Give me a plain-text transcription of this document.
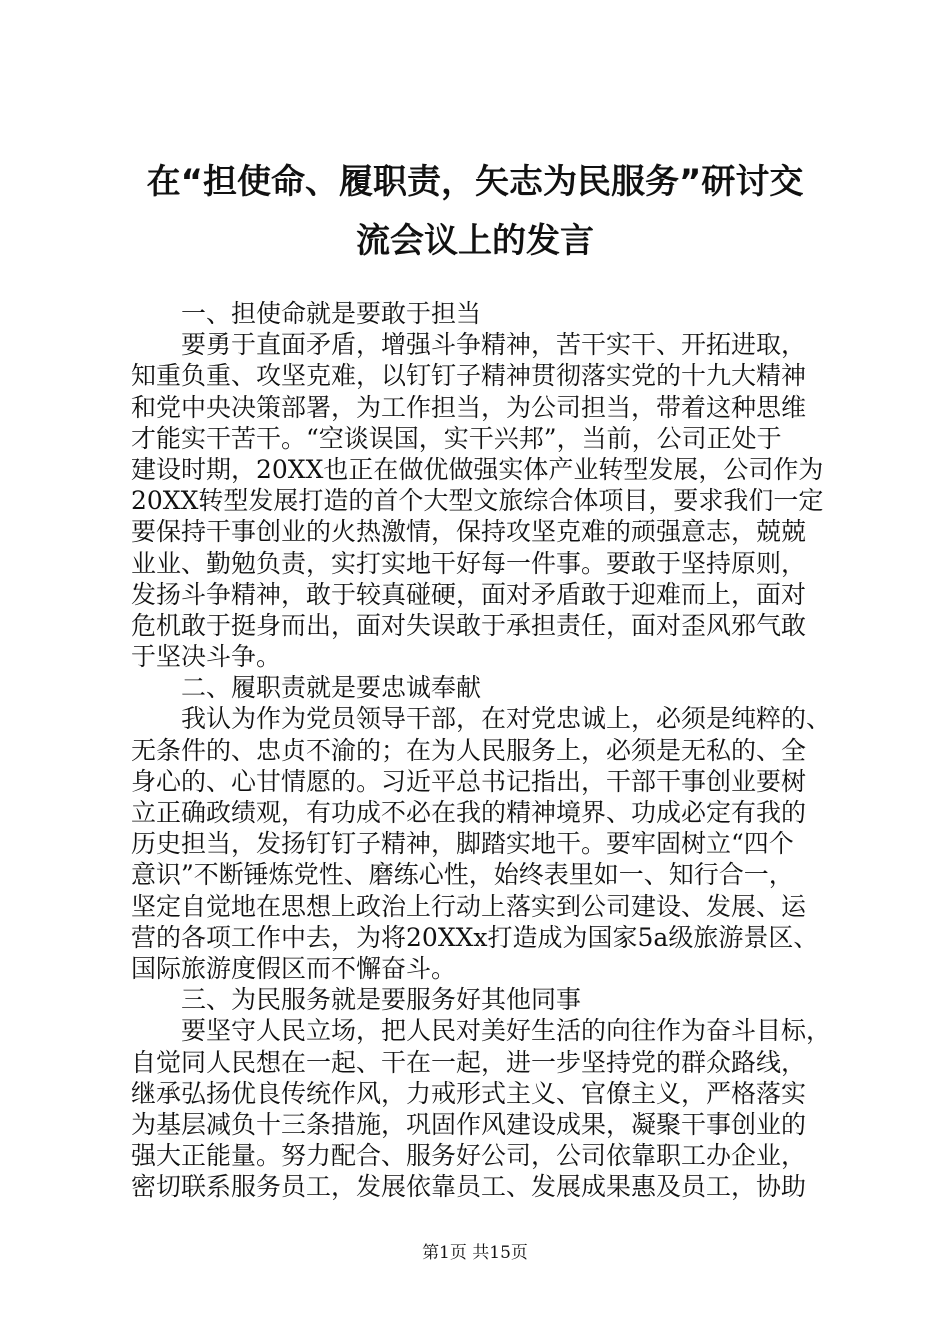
在“担使命、履职责，矢志为民服务”研讨交
流会议上的发言

　　一、担使命就是要敢于担当

　　要勇于直面矛盾，增强斗争精神，苦干实干、开拓进取，

知重负重、攻坚克难，以钉钉子精神贯彻落实党的十九大精神

和党中央决策部署，为工作担当，为公司担当，带着这种思维

才能实干苦干。“空谈误国，实干兴邦”，当前，公司正处于

建设时期，20XX也正在做优做强实体产业转型发展，公司作为

20XX转型发展打造的首个大型文旅综合体项目，要求我们一定

要保持干事创业的火热激情，保持攻坚克难的顽强意志，兢兢

业业、勤勉负责，实打实地干好每一件事。要敢于坚持原则，

发扬斗争精神，敢于较真碰硬，面对矛盾敢于迎难而上，面对

危机敢于挺身而出，面对失误敢于承担责任，面对歪风邪气敢

于坚决斗争。

　　二、履职责就是要忠诚奉献

　　我认为作为党员领导干部，在对党忠诚上，必须是纯粹的、

无条件的、忠贞不渝的；在为人民服务上，必须是无私的、全

身心的、心甘情愿的。习近平总书记指出，干部干事创业要树

立正确政绩观，有功成不必在我的精神境界、功成必定有我的

历史担当，发扬钉钉子精神，脚踏实地干。要牢固树立“四个

意识”不断锤炼党性、磨练心性，始终表里如一、知行合一，

坚定自觉地在思想上政治上行动上落实到公司建设、发展、运

营的各项工作中去，为将20XXx打造成为国家5a级旅游景区、

国际旅游度假区而不懈奋斗。

　　三、为民服务就是要服务好其他同事

　　要坚守人民立场，把人民对美好生活的向往作为奋斗目标，

自觉同人民想在一起、干在一起，进一步坚持党的群众路线，

继承弘扬优良传统作风，力戒形式主义、官僚主义，严格落实

为基层减负十三条措施，巩固作风建设成果，凝聚干事创业的

强大正能量。努力配合、服务好公司，公司依靠职工办企业，

密切联系服务员工，发展依靠员工、发展成果惠及员工，协助

第1页 共15页
